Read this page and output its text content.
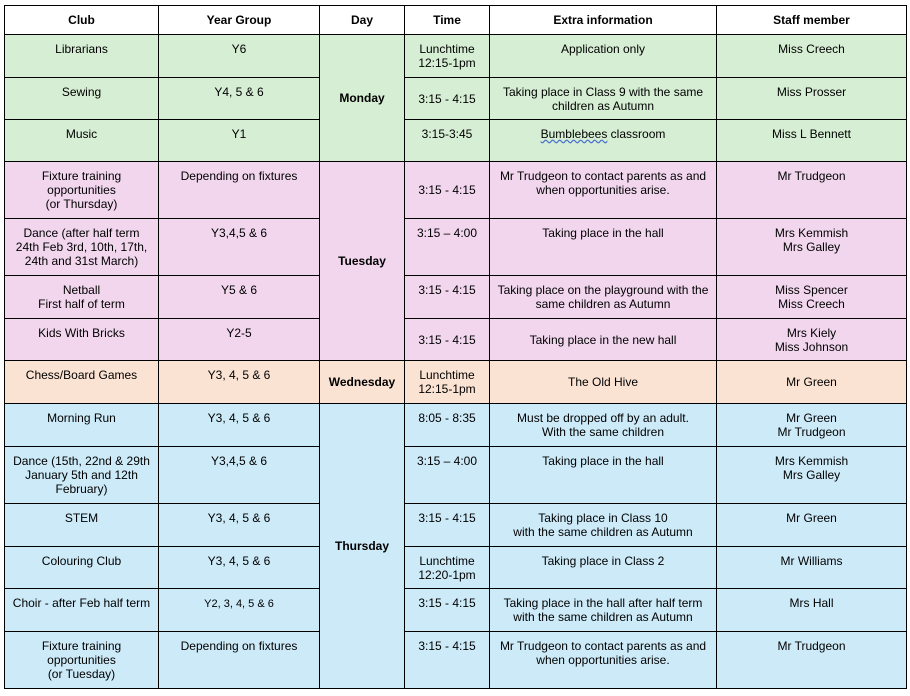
Club	Year Group	Day	Time	Extra information	Staff member

Librarians	Y6	Monday	Lunchtime
12:15-1pm	Application only	Miss Creech

Sewing	Y4, 5 & 6		3:15 - 4:15	Taking place in Class 9 with the same
children as Autumn	Miss Prosser

Music	Y1		3:15-3:45	Bumblebees classroom	Miss L Bennett

Fixture training
opportunities
(or Thursday)	Depending on fixtures	Tuesday	3:15 - 4:15	Mr Trudgeon to contact parents as and
when opportunities arise.	Mr Trudgeon

Dance (after half term
24th Feb 3rd, 10th, 17th,
24th and 31st March)	Y3,4,5 & 6		3:15 – 4:00	Taking place in the hall	Mrs Kemmish
Mrs Galley

Netball
First half of term	Y5 & 6		3:15 - 4:15	Taking place on the playground with the
same children as Autumn	Miss Spencer
Miss Creech

Kids With Bricks	Y2-5		3:15 - 4:15	Taking place in the new hall	Mrs Kiely
Miss Johnson

Chess/Board Games	Y3, 4, 5 & 6	Wednesday	Lunchtime
12:15-1pm	The Old Hive	Mr Green

Morning Run	Y3, 4, 5 & 6	Thursday	8:05 - 8:35	Must be dropped off by an adult.
With the same children	Mr Green
Mr Trudgeon

Dance (15th, 22nd & 29th
January 5th and 12th
February)	Y3,4,5 & 6		3:15 – 4:00	Taking place in the hall	Mrs Kemmish
Mrs Galley

STEM	Y3, 4, 5 & 6		3:15 - 4:15	Taking place in Class 10
with the same children as Autumn	Mr Green

Colouring Club	Y3, 4, 5 & 6		Lunchtime
12:20-1pm	Taking place in Class 2	Mr Williams

Choir - after Feb half term	Y2, 3, 4, 5 & 6		3:15 - 4:15	Taking place in the hall after half term
with the same children as Autumn	Mrs Hall

Fixture training
opportunities
(or Tuesday)	Depending on fixtures		3:15 - 4:15	Mr Trudgeon to contact parents as and
when opportunities arise.	Mr Trudgeon
